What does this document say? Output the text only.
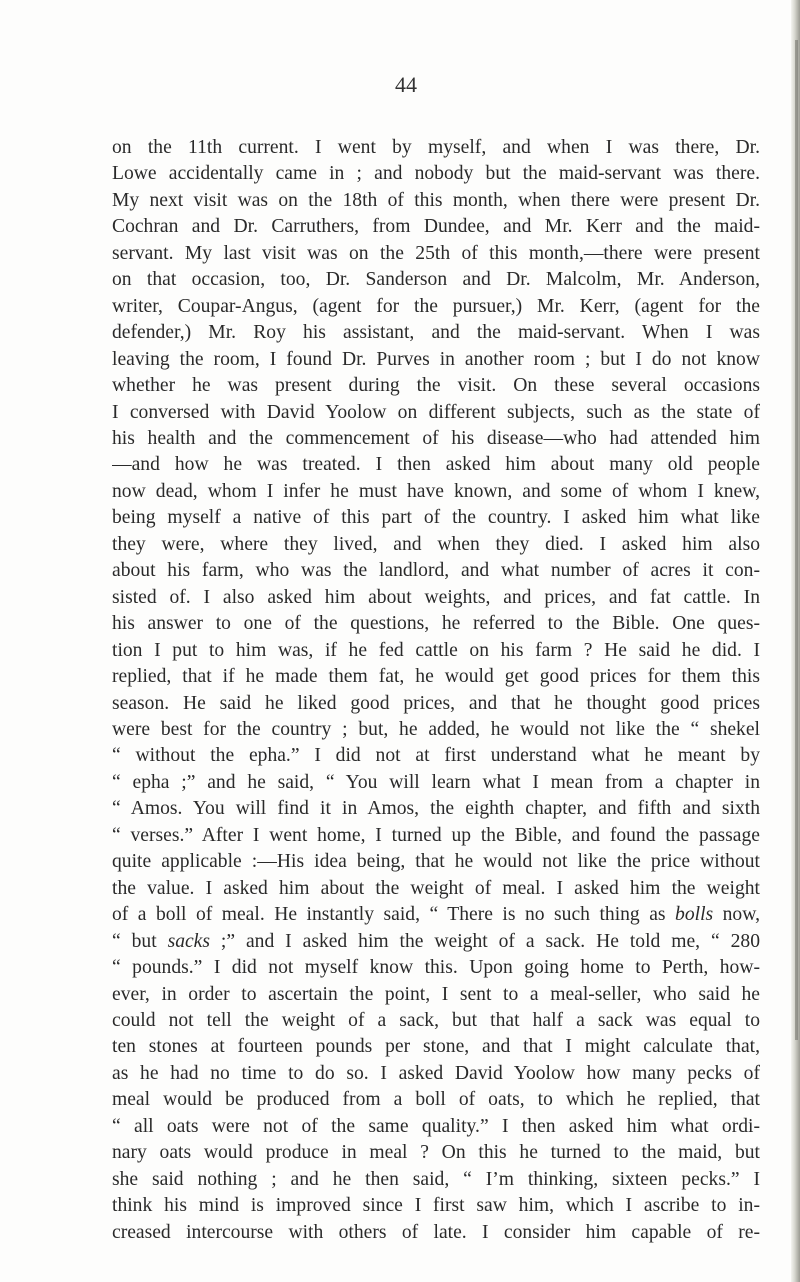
44
on the 11th current. I went by myself, and when I was there, Dr.
Lowe accidentally came in ; and nobody but the maid-servant was there.
My next visit was on the 18th of this month, when there were present Dr.
Cochran and Dr. Carruthers, from Dundee, and Mr. Kerr and the maid-
servant. My last visit was on the 25th of this month,—there were present
on that occasion, too, Dr. Sanderson and Dr. Malcolm, Mr. Anderson,
writer, Coupar-Angus, (agent for the pursuer,) Mr. Kerr, (agent for the
defender,) Mr. Roy his assistant, and the maid-servant. When I was
leaving the room, I found Dr. Purves in another room ; but I do not know
whether he was present during the visit. On these several occasions
I conversed with David Yoolow on different subjects, such as the state of
his health and the commencement of his disease—who had attended him
—and how he was treated. I then asked him about many old people
now dead, whom I infer he must have known, and some of whom I knew,
being myself a native of this part of the country. I asked him what like
they were, where they lived, and when they died. I asked him also
about his farm, who was the landlord, and what number of acres it con-
sisted of. I also asked him about weights, and prices, and fat cattle. In
his answer to one of the questions, he referred to the Bible. One ques-
tion I put to him was, if he fed cattle on his farm ? He said he did. I
replied, that if he made them fat, he would get good prices for them this
season. He said he liked good prices, and that he thought good prices
were best for the country ; but, he added, he would not like the “ shekel
“ without the epha.” I did not at first understand what he meant by
“ epha ;” and he said, “ You will learn what I mean from a chapter in
“ Amos. You will find it in Amos, the eighth chapter, and fifth and sixth
“ verses.” After I went home, I turned up the Bible, and found the passage
quite applicable :—His idea being, that he would not like the price without
the value. I asked him about the weight of meal. I asked him the weight
of a boll of meal. He instantly said, “ There is no such thing as bolls now,
“ but sacks ;” and I asked him the weight of a sack. He told me, “ 280
“ pounds.” I did not myself know this. Upon going home to Perth, how-
ever, in order to ascertain the point, I sent to a meal-seller, who said he
could not tell the weight of a sack, but that half a sack was equal to
ten stones at fourteen pounds per stone, and that I might calculate that,
as he had no time to do so. I asked David Yoolow how many pecks of
meal would be produced from a boll of oats, to which he replied, that
“ all oats were not of the same quality.” I then asked him what ordi-
nary oats would produce in meal ? On this he turned to the maid, but
she said nothing ; and he then said, “ I’m thinking, sixteen pecks.” I
think his mind is improved since I first saw him, which I ascribe to in-
creased intercourse with others of late. I consider him capable of re-
